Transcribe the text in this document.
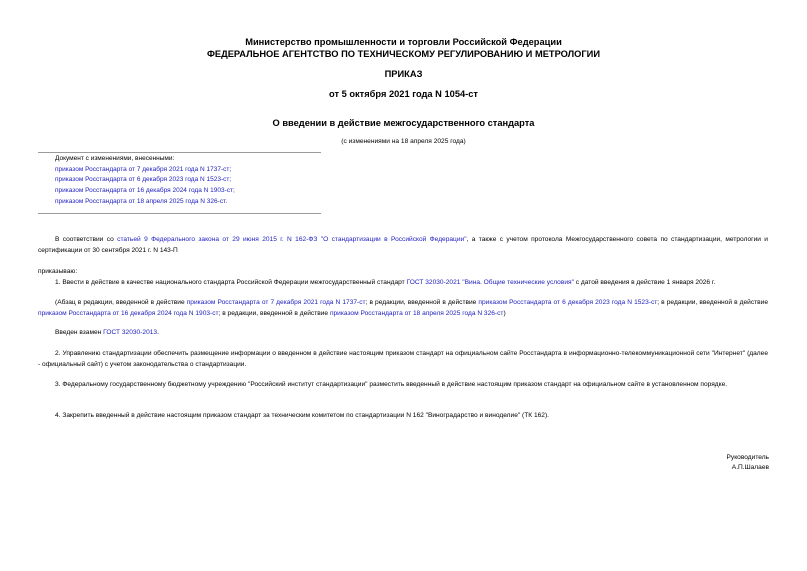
Министерство промышленности и торговли Российской Федерации
ФЕДЕРАЛЬНОЕ АГЕНТСТВО ПО ТЕХНИЧЕСКОМУ РЕГУЛИРОВАНИЮ И МЕТРОЛОГИИ
ПРИКАЗ
от 5 октября 2021 года N 1054-ст
О введении в действие межгосударственного стандарта
(с изменениями на 18 апреля 2025 года)
Документ с изменениями, внесенными:
приказом Росстандарта от 7 декабря 2021 года N 1737-ст;
приказом Росстандарта от 6 декабря 2023 года N 1523-ст;
приказом Росстандарта от 16 декабря 2024 года N 1903-ст;
приказом Росстандарта от 18 апреля 2025 года N 326-ст.
В соответствии со статьей 9 Федерального закона от 29 июня 2015 г. N 162-ФЗ "О стандартизации в Российской Федерации", а также с учетом протокола Межгосударственного совета по стандартизации, метрологии и сертификации от 30 сентября 2021 г. N 143-П
приказываю:
1. Ввести в действие в качестве национального стандарта Российской Федерации межгосударственный стандарт ГОСТ 32030-2021 "Вина. Общие технические условия" с датой введения в действие 1 января 2026 г.
(Абзац в редакции, введенной в действие приказом Росстандарта от 7 декабря 2021 года N 1737-ст; в редакции, введенной в действие приказом Росстандарта от 6 декабря 2023 года N 1523-ст; в редакции, введенной в действие приказом Росстандарта от 16 декабря 2024 года N 1903-ст; в редакции, введенной в действие приказом Росстандарта от 18 апреля 2025 года N 326-ст)
Введен взамен ГОСТ 32030-2013.
2. Управлению стандартизации обеспечить размещение информации о введенном в действие настоящим приказом стандарт на официальном сайте Росстандарта в информационно-телекоммуникационной сети "Интернет" (далее - официальный сайт) с учетом законодательства о стандартизации.
3. Федеральному государственному бюджетному учреждению "Российский институт стандартизации" разместить введенный в действие настоящим приказом стандарт на официальном сайте в установленном порядке.
4. Закрепить введенный в действие настоящим приказом стандарт за техническим комитетом по стандартизации N 162 "Виноградарство и виноделие" (ТК 162).
Руководитель
А.П.Шалаев
